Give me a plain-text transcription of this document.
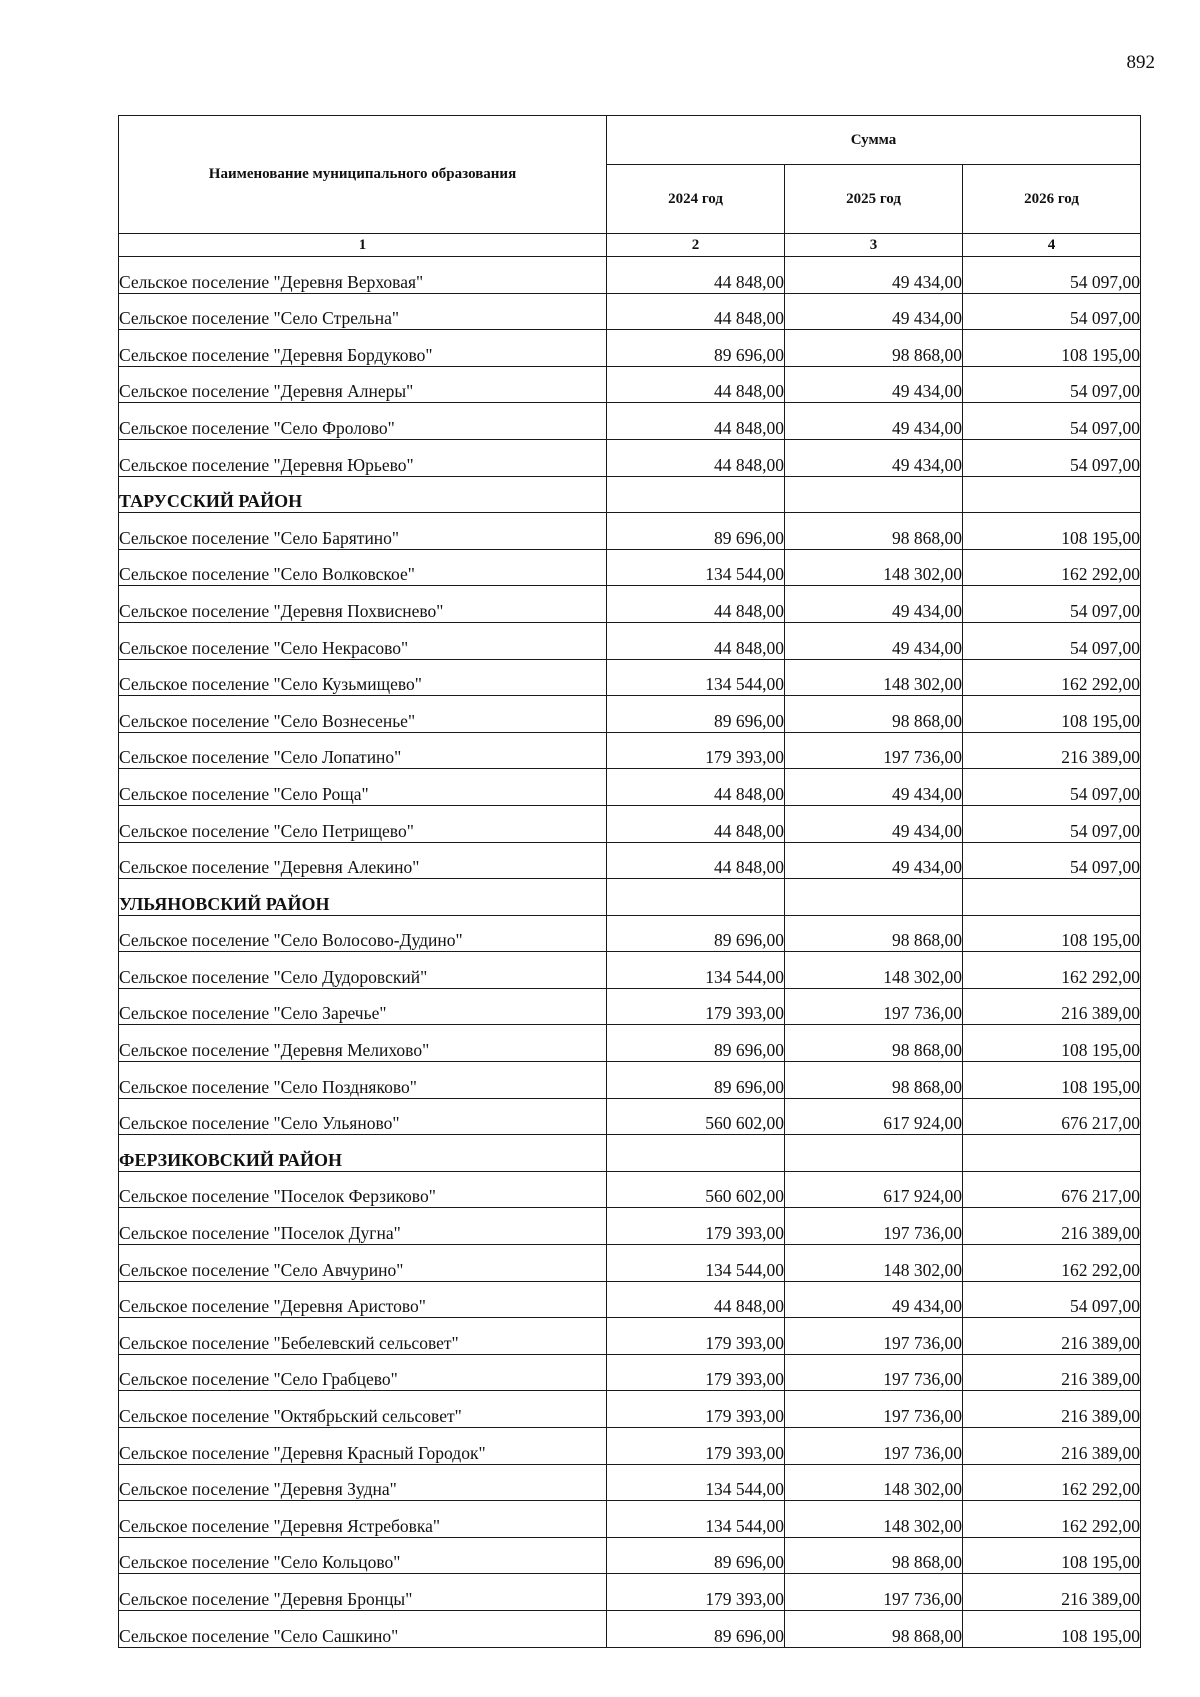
892
Наименование муниципального образования	Сумма		
	2024 год	2025 год	2026 год
1	2	3	4
Сельское поселение "Деревня Верховая"	44 848,00	49 434,00	54 097,00
Сельское поселение "Село Стрельна"	44 848,00	49 434,00	54 097,00
Сельское поселение "Деревня Бордуково"	89 696,00	98 868,00	108 195,00
Сельское поселение "Деревня Алнеры"	44 848,00	49 434,00	54 097,00
Сельское поселение "Село Фролово"	44 848,00	49 434,00	54 097,00
Сельское поселение "Деревня Юрьево"	44 848,00	49 434,00	54 097,00
ТАРУССКИЙ РАЙОН			
Сельское поселение "Село Барятино"	89 696,00	98 868,00	108 195,00
Сельское поселение "Село Волковское"	134 544,00	148 302,00	162 292,00
Сельское поселение "Деревня Похвиснево"	44 848,00	49 434,00	54 097,00
Сельское поселение "Село Некрасово"	44 848,00	49 434,00	54 097,00
Сельское поселение "Село Кузьмищево"	134 544,00	148 302,00	162 292,00
Сельское поселение "Село Вознесенье"	89 696,00	98 868,00	108 195,00
Сельское поселение "Село Лопатино"	179 393,00	197 736,00	216 389,00
Сельское поселение "Село Роща"	44 848,00	49 434,00	54 097,00
Сельское поселение "Село Петрищево"	44 848,00	49 434,00	54 097,00
Сельское поселение "Деревня Алекино"	44 848,00	49 434,00	54 097,00
УЛЬЯНОВСКИЙ РАЙОН			
Сельское поселение "Село Волосово-Дудино"	89 696,00	98 868,00	108 195,00
Сельское поселение "Село Дудоровский"	134 544,00	148 302,00	162 292,00
Сельское поселение "Село Заречье"	179 393,00	197 736,00	216 389,00
Сельское поселение "Деревня Мелихово"	89 696,00	98 868,00	108 195,00
Сельское поселение "Село Поздняково"	89 696,00	98 868,00	108 195,00
Сельское поселение "Село Ульяново"	560 602,00	617 924,00	676 217,00
ФЕРЗИКОВСКИЙ РАЙОН			
Сельское поселение "Поселок Ферзиково"	560 602,00	617 924,00	676 217,00
Сельское поселение "Поселок Дугна"	179 393,00	197 736,00	216 389,00
Сельское поселение "Село Авчурино"	134 544,00	148 302,00	162 292,00
Сельское поселение "Деревня Аристово"	44 848,00	49 434,00	54 097,00
Сельское поселение "Бебелевский сельсовет"	179 393,00	197 736,00	216 389,00
Сельское поселение "Село Грабцево"	179 393,00	197 736,00	216 389,00
Сельское поселение "Октябрьский сельсовет"	179 393,00	197 736,00	216 389,00
Сельское поселение "Деревня Красный Городок"	179 393,00	197 736,00	216 389,00
Сельское поселение "Деревня Зудна"	134 544,00	148 302,00	162 292,00
Сельское поселение "Деревня Ястребовка"	134 544,00	148 302,00	162 292,00
Сельское поселение "Село Кольцово"	89 696,00	98 868,00	108 195,00
Сельское поселение "Деревня Бронцы"	179 393,00	197 736,00	216 389,00
Сельское поселение "Село Сашкино"	89 696,00	98 868,00	108 195,00
